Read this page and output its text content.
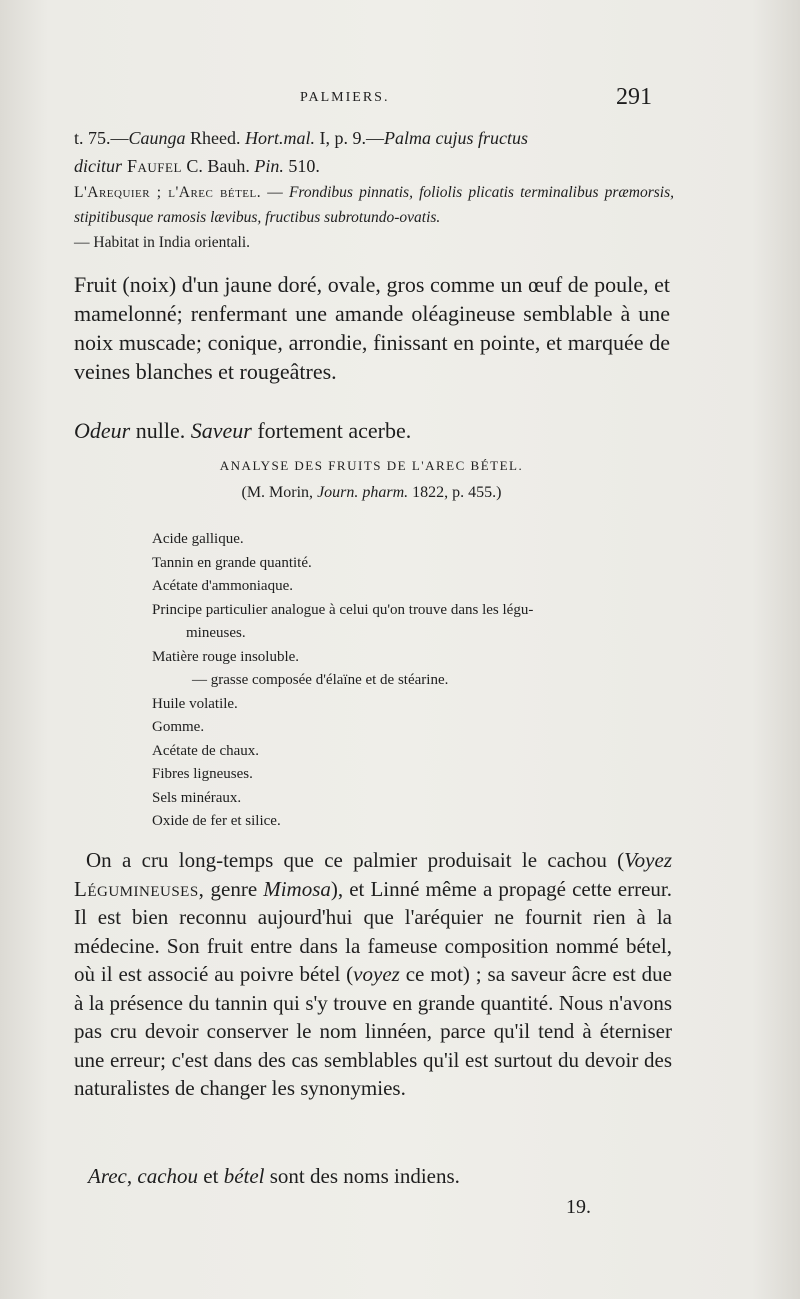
PALMIERS.	291
t. 75.—Caunga Rheed. Hort.mal. I, p. 9.—Palma cujus fructus
dicitur Faufel C. Bauh. Pin. 510.
L'Arequier ; l'Arec bétel. — Frondibus pinnatis, foliolis plicatis terminalibus præmorsis, stipitibusque ramosis lævibus, fructibus subrotundo-ovatis.
— Habitat in India orientali.
Fruit (noix) d'un jaune doré, ovale, gros comme un œuf de poule, et mamelonné; renfermant une amande oléagineuse semblable à une noix muscade; conique, arrondie, finissant en pointe, et marquée de veines blanches et rougeâtres.
Odeur nulle. Saveur fortement acerbe.
ANALYSE DES FRUITS DE L'AREC BÉTEL.
(M. Morin, Journ. pharm. 1822, p. 455.)
Acide gallique.
Tannin en grande quantité.
Acétate d'ammoniaque.
Principe particulier analogue à celui qu'on trouve dans les légu-
mineuses.
Matière rouge insoluble.
— grasse composée d'élaïne et de stéarine.
Huile volatile.
Gomme.
Acétate de chaux.
Fibres ligneuses.
Sels minéraux.
Oxide de fer et silice.
On a cru long-temps que ce palmier produisait le cachou (Voyez Légumineuses, genre Mimosa), et Linné même a propagé cette erreur. Il est bien reconnu aujourd'hui que l'aréquier ne fournit rien à la médecine. Son fruit entre dans la fameuse composition nommé bétel, où il est associé au poivre bétel (voyez ce mot) ; sa saveur âcre est due à la présence du tannin qui s'y trouve en grande quantité. Nous n'avons pas cru devoir conserver le nom linnéen, parce qu'il tend à éterniser une erreur; c'est dans des cas semblables qu'il est surtout du devoir des naturalistes de changer les synonymies.
Arec, cachou et bétel sont des noms indiens.
19.
